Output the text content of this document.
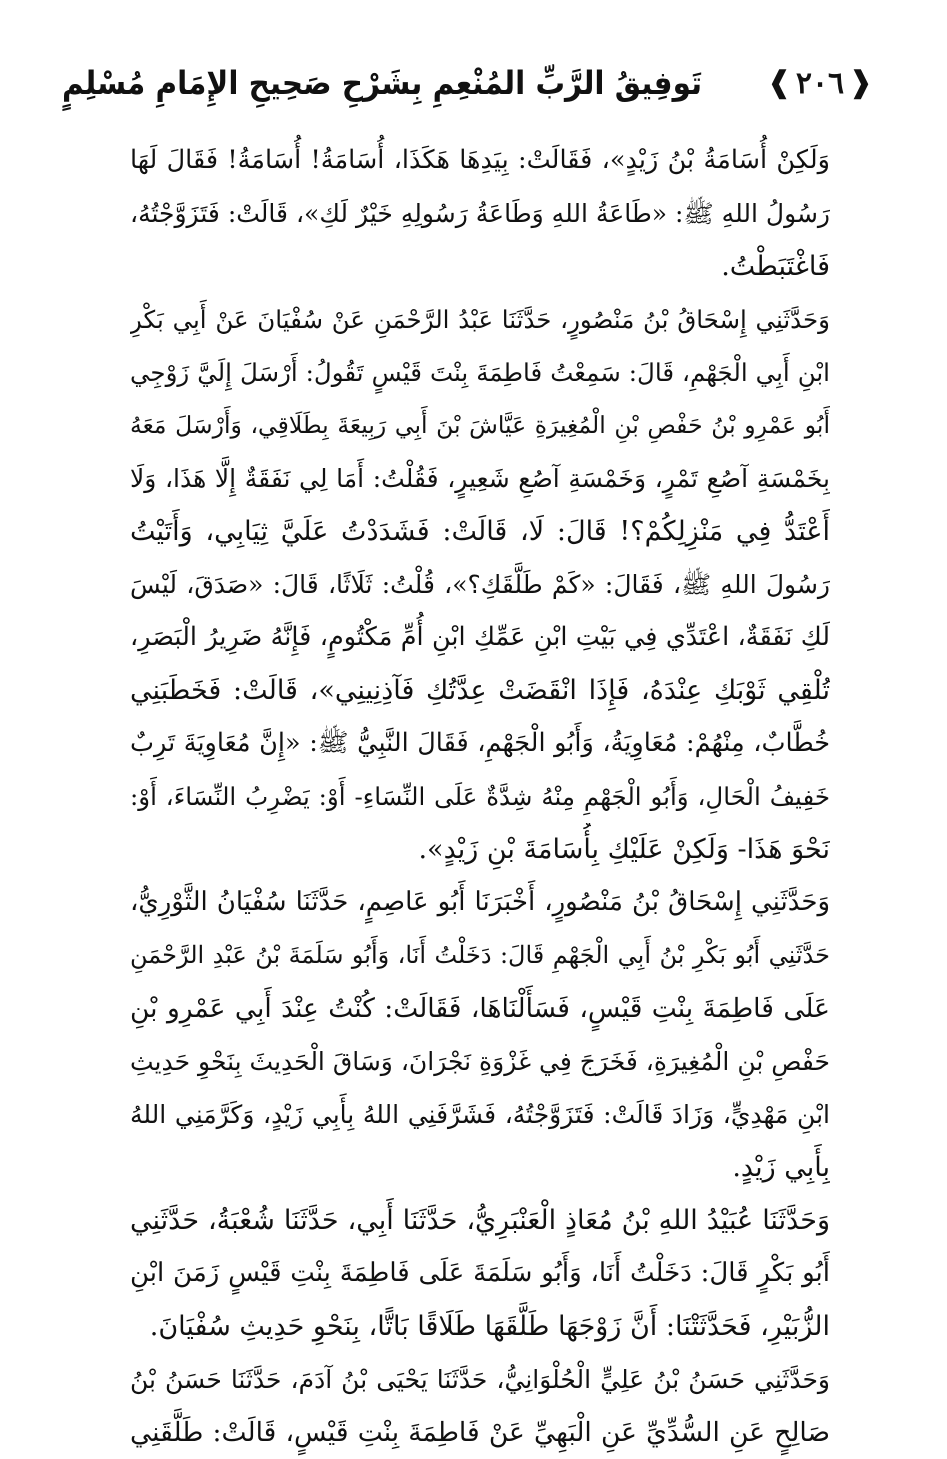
❰
٢٠٦
❱
تَوفِيقُ الرَّبِّ المُنْعِمِ بِشَرْحِ صَحِيحِ الإِمَامِ مُسْلِمٍ
وَلَكِنْ أُسَامَةُ بْنُ زَيْدٍ»، فَقَالَتْ: بِيَدِهَا هَكَذَا، أُسَامَةُ! أُسَامَةُ! فَقَالَ لَهَا
رَسُولُ اللهِ ﷺ: «طَاعَةُ اللهِ وَطَاعَةُ رَسُولِهِ خَيْرٌ لَكِ»، قَالَتْ: فَتَزَوَّجْتُهُ،
فَاغْتَبَطْتُ.
وَحَدَّثَنِي إِسْحَاقُ بْنُ مَنْصُورٍ، حَدَّثَنَا عَبْدُ الرَّحْمَنِ عَنْ سُفْيَانَ عَنْ أَبِي بَكْرِ
ابْنِ أَبِي الْجَهْمِ، قَالَ: سَمِعْتُ فَاطِمَةَ بِنْتَ قَيْسٍ تَقُولُ: أَرْسَلَ إِلَيَّ زَوْجِي
أَبُو عَمْرِو بْنُ حَفْصِ بْنِ الْمُغِيرَةِ عَيَّاشَ بْنَ أَبِي رَبِيعَةَ بِطَلَاقِي، وَأَرْسَلَ مَعَهُ
بِخَمْسَةِ آصُعِ تَمْرٍ، وَخَمْسَةِ آصُعِ شَعِيرٍ، فَقُلْتُ: أَمَا لِي نَفَقَةٌ إِلَّا هَذَا، وَلَا
أَعْتَدُّ فِي مَنْزِلِكُمْ؟! قَالَ: لَا، قَالَتْ: فَشَدَدْتُ عَلَيَّ ثِيَابِي، وَأَتَيْتُ
رَسُولَ اللهِ ﷺ، فَقَالَ: «كَمْ طَلَّقَكِ؟»، قُلْتُ: ثَلَاثًا، قَالَ: «صَدَقَ، لَيْسَ
لَكِ نَفَقَةٌ، اعْتَدِّي فِي بَيْتِ ابْنِ عَمِّكِ ابْنِ أُمِّ مَكْتُومٍ، فَإِنَّهُ ضَرِيرُ الْبَصَرِ،
تُلْقِي ثَوْبَكِ عِنْدَهُ، فَإِذَا انْقَضَتْ عِدَّتُكِ فَآذِنِينِي»، قَالَتْ: فَخَطَبَنِي
خُطَّابٌ، مِنْهُمْ: مُعَاوِيَةُ، وَأَبُو الْجَهْمِ، فَقَالَ النَّبِيُّ ﷺ: «إِنَّ مُعَاوِيَةَ تَرِبٌ
خَفِيفُ الْحَالِ، وَأَبُو الْجَهْمِ مِنْهُ شِدَّةٌ عَلَى النِّسَاءِ- أَوْ: يَضْرِبُ النِّسَاءَ، أَوْ:
نَحْوَ هَذَا- وَلَكِنْ عَلَيْكِ بِأُسَامَةَ بْنِ زَيْدٍ».
وَحَدَّثَنِي إِسْحَاقُ بْنُ مَنْصُورٍ، أَخْبَرَنَا أَبُو عَاصِمٍ، حَدَّثَنَا سُفْيَانُ الثَّوْرِيُّ،
حَدَّثَنِي أَبُو بَكْرِ بْنُ أَبِي الْجَهْمِ قَالَ: دَخَلْتُ أَنَا، وَأَبُو سَلَمَةَ بْنُ عَبْدِ الرَّحْمَنِ
عَلَى فَاطِمَةَ بِنْتِ قَيْسٍ، فَسَأَلْنَاهَا، فَقَالَتْ: كُنْتُ عِنْدَ أَبِي عَمْرِو بْنِ
حَفْصِ بْنِ الْمُغِيرَةِ، فَخَرَجَ فِي غَزْوَةِ نَجْرَانَ، وَسَاقَ الْحَدِيثَ بِنَحْوِ حَدِيثِ
ابْنِ مَهْدِيٍّ، وَزَادَ قَالَتْ: فَتَزَوَّجْتُهُ، فَشَرَّفَنِي اللهُ بِأَبِي زَيْدٍ، وَكَرَّمَنِي اللهُ
بِأَبِي زَيْدٍ.
وَحَدَّثَنَا عُبَيْدُ اللهِ بْنُ مُعَاذٍ الْعَنْبَرِيُّ، حَدَّثَنَا أَبِي، حَدَّثَنَا شُعْبَةُ، حَدَّثَنِي
أَبُو بَكْرٍ قَالَ: دَخَلْتُ أَنَا، وَأَبُو سَلَمَةَ عَلَى فَاطِمَةَ بِنْتِ قَيْسٍ زَمَنَ ابْنِ
الزُّبَيْرِ، فَحَدَّثَتْنَا: أَنَّ زَوْجَهَا طَلَّقَهَا طَلَاقًا بَاتًّا، بِنَحْوِ حَدِيثِ سُفْيَانَ.
وَحَدَّثَنِي حَسَنُ بْنُ عَلِيٍّ الْحُلْوَانِيُّ، حَدَّثَنَا يَحْيَى بْنُ آدَمَ، حَدَّثَنَا حَسَنُ بْنُ
صَالِحٍ عَنِ السُّدِّيِّ عَنِ الْبَهِيِّ عَنْ فَاطِمَةَ بِنْتِ قَيْسٍ، قَالَتْ: طَلَّقَنِي
